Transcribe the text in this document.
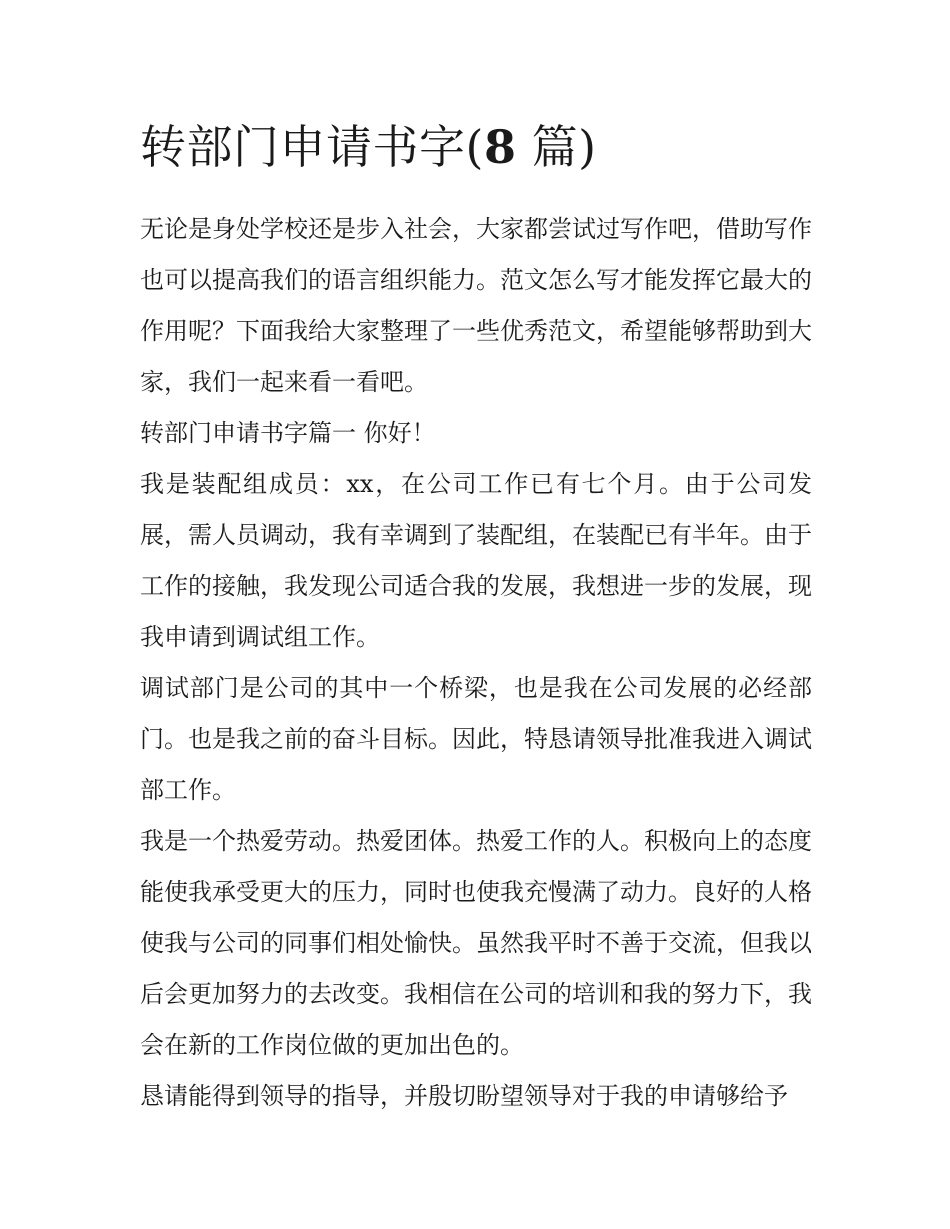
转部门申请书字(8 篇)

无论是身处学校还是步入社会，大家都尝试过写作吧，借助写作也可以提高我们的语言组织能力。范文怎么写才能发挥它最大的作用呢？下面我给大家整理了一些优秀范文，希望能够帮助到大家，我们一起来看一看吧。

转部门申请书字篇一 你好！

我是装配组成员：xx，在公司工作已有七个月。由于公司发展，需人员调动，我有幸调到了装配组，在装配已有半年。由于工作的接触，我发现公司适合我的发展，我想进一步的发展，现我申请到调试组工作。

调试部门是公司的其中一个桥梁，也是我在公司发展的必经部门。也是我之前的奋斗目标。因此，特恳请领导批准我进入调试部工作。

我是一个热爱劳动。热爱团体。热爱工作的人。积极向上的态度能使我承受更大的压力，同时也使我充慢满了动力。良好的人格使我与公司的同事们相处愉快。虽然我平时不善于交流，但我以后会更加努力的去改变。我相信在公司的培训和我的努力下，我会在新的工作岗位做的更加出色的。

恳请能得到领导的指导，并殷切盼望领导对于我的申请够给予
